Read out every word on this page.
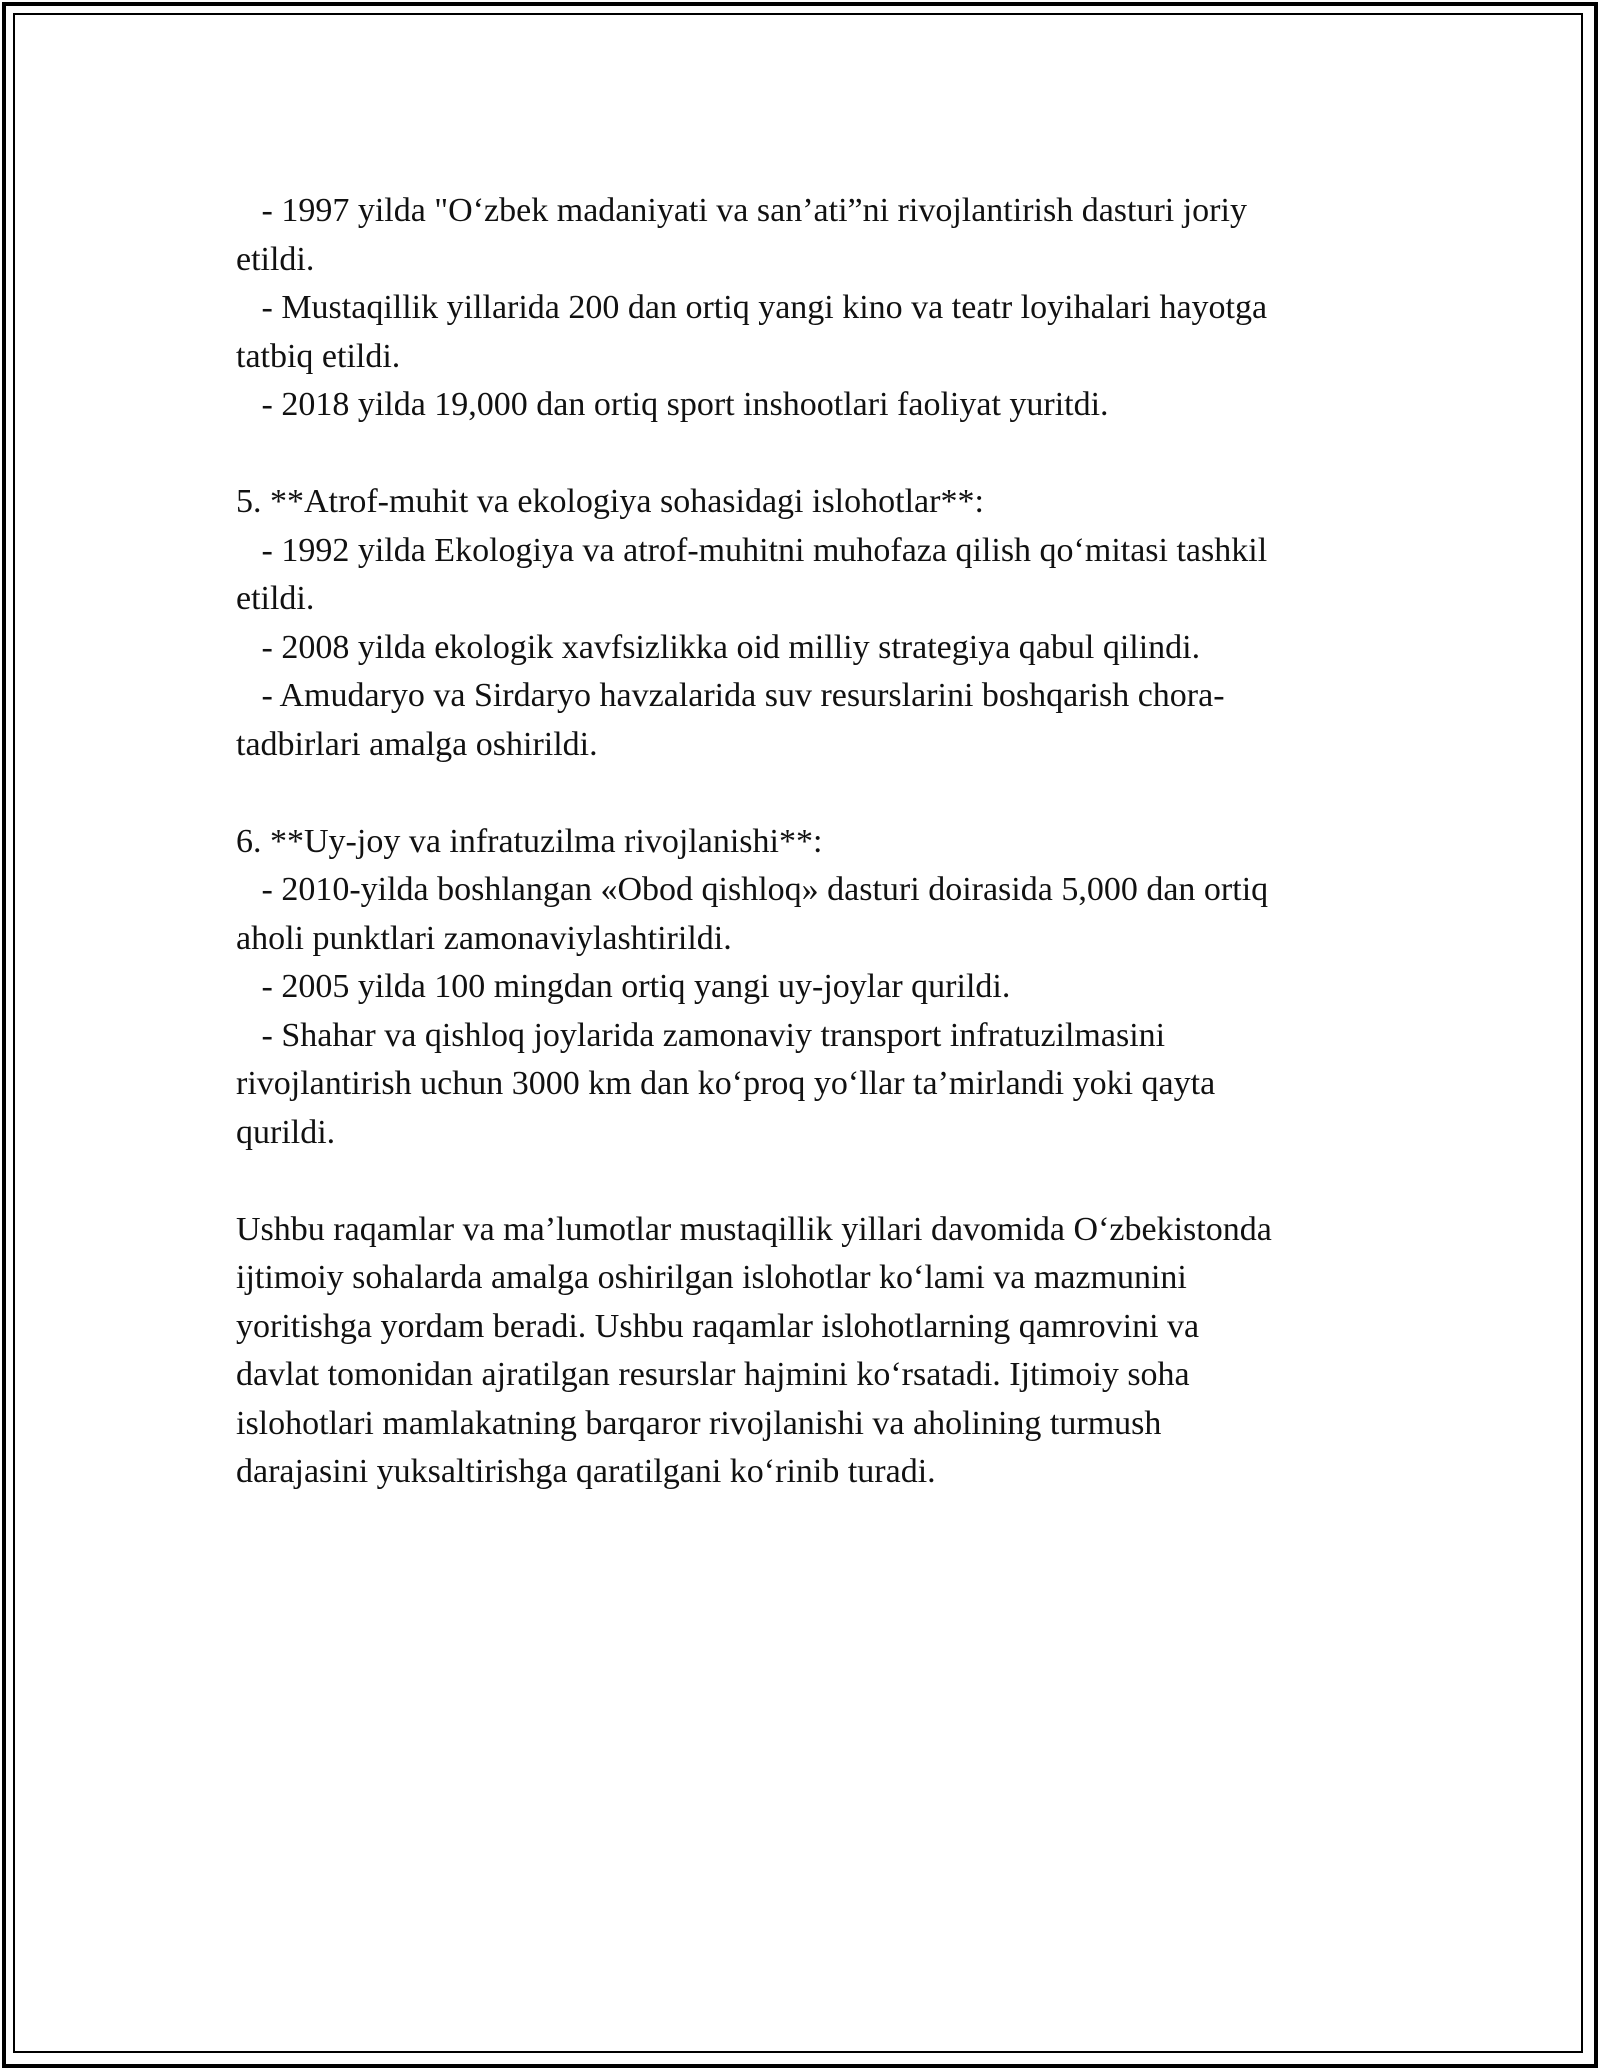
- 1997 yilda "O‘zbek madaniyati va san’ati”ni rivojlantirish dasturi joriy
etildi.
- Mustaqillik yillarida 200 dan ortiq yangi kino va teatr loyihalari hayotga
tatbiq etildi.
- 2018 yilda 19,000 dan ortiq sport inshootlari faoliyat yuritdi.
5. **Atrof-muhit va ekologiya sohasidagi islohotlar**:
- 1992 yilda Ekologiya va atrof-muhitni muhofaza qilish qo‘mitasi tashkil
etildi.
- 2008 yilda ekologik xavfsizlikka oid milliy strategiya qabul qilindi.
- Amudaryo va Sirdaryo havzalarida suv resurslarini boshqarish chora-
tadbirlari amalga oshirildi.
6. **Uy-joy va infratuzilma rivojlanishi**:
- 2010-yilda boshlangan «Obod qishloq» dasturi doirasida 5,000 dan ortiq
aholi punktlari zamonaviylashtirildi.
- 2005 yilda 100 mingdan ortiq yangi uy-joylar qurildi.
- Shahar va qishloq joylarida zamonaviy transport infratuzilmasini
rivojlantirish uchun 3000 km dan ko‘proq yo‘llar ta’mirlandi yoki qayta
qurildi.
Ushbu raqamlar va ma’lumotlar mustaqillik yillari davomida O‘zbekistonda
ijtimoiy sohalarda amalga oshirilgan islohotlar ko‘lami va mazmunini
yoritishga yordam beradi. Ushbu raqamlar islohotlarning qamrovini va
davlat tomonidan ajratilgan resurslar hajmini ko‘rsatadi. Ijtimoiy soha
islohotlari mamlakatning barqaror rivojlanishi va aholining turmush
darajasini yuksaltirishga qaratilgani ko‘rinib turadi.
